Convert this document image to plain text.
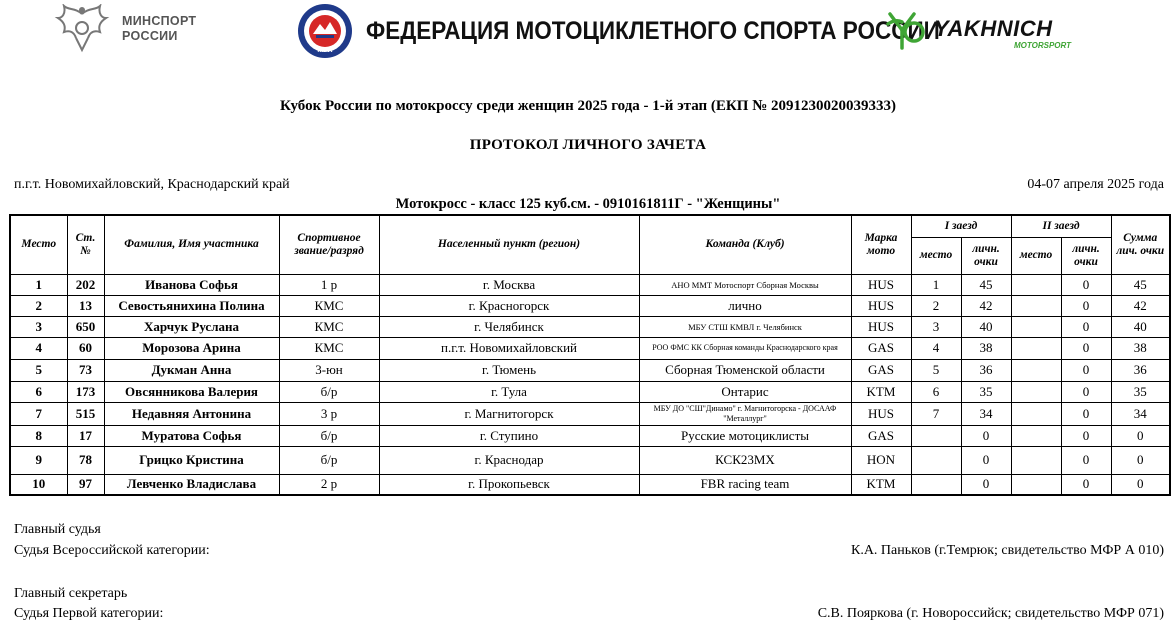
МИНСПОРТ
РОССИИ
MFR
ФЕДЕРАЦИЯ МОТОЦИКЛЕТНОГО СПОРТА РОССИИ
YAKHNICH
MOTORSPORT
Кубок России по мотокроссу среди женщин 2025 года - 1-й этап (ЕКП № 2091230020039333)
ПРОТОКОЛ ЛИЧНОГО ЗАЧЕТА
п.г.т. Новомихайловский, Краснодарский край	04-07 апреля 2025 года
Мотокросс - класс 125 куб.см. - 0910161811Г - "Женщины"
Место	Ст. №	Фамилия, Имя участника	Спортивное звание/разряд	Населенный пункт (регион)	Команда (Клуб)	Марка мото	I заезд		II заезд		Сумма лич. очки
							место	личн. очки	место	личн. очки	
1	202	Иванова Софья	1 р	г. Москва	АНО ММТ Мотоспорт Сборная Москвы	HUS	1	45		0	45
2	13	Севостьянихина Полина	КМС	г. Красногорск	лично	HUS	2	42		0	42
3	650	Харчук Руслана	КМС	г. Челябинск	МБУ СТШ КМВЛ г. Челябинск	HUS	3	40		0	40
4	60	Морозова Арина	КМС	п.г.т. Новомихайловский	РОО ФМС КК Сборная команды Краснодарского края	GAS	4	38		0	38
5	73	Дукман Анна	3-юн	г. Тюмень	Сборная Тюменской области	GAS	5	36		0	36
6	173	Овсянникова Валерия	б/р	г. Тула	Онтарис	KTM	6	35		0	35
7	515	Недавняя Антонина	3 р	г. Магнитогорск	МБУ ДО "СШ"Динамо" г. Магнитогорска - ДОСААФ "Металлург"	HUS	7	34		0	34
8	17	Муратова Софья	б/р	г. Ступино	Русские мотоциклисты	GAS		0		0	0
9	78	Грицко Кристина	б/р	г. Краснодар	КСК23МХ	HON		0		0	0
10	97	Левченко Владислава	2 р	г. Прокопьевск	FBR racing team	KTM		0		0	0
Главный судья
Судья Всероссийской категории:	К.А. Паньков (г.Темрюк; свидетельство МФР А 010)
Главный секретарь
Судья Первой категории:	С.В. Пояркова (г. Новороссийск; свидетельство МФР 071)
